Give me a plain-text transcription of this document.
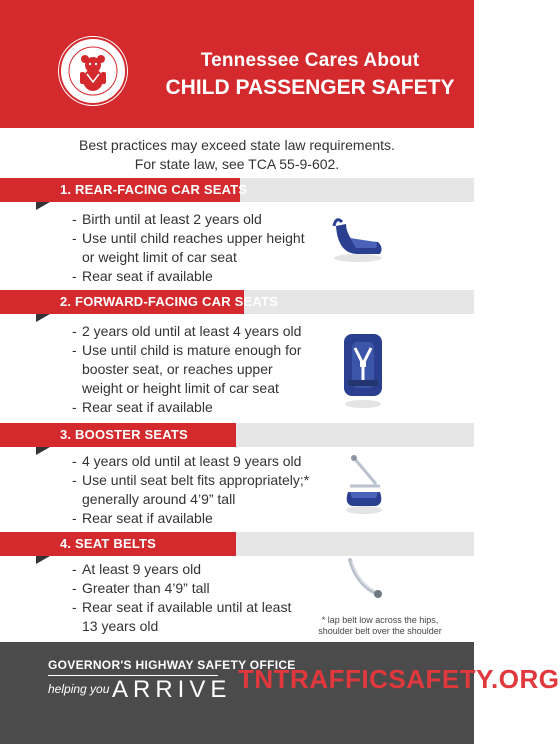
Tennessee Cares About
CHILD PASSENGER SAFETY
Best practices may exceed state law requirements.
For state law, see TCA 55-9-602.
1. REAR-FACING CAR SEATS
- Birth until at least 2 years old
- Use until child reaches upper height
or weight limit of car seat
- Rear seat if available
2. FORWARD-FACING CAR SEATS
- 2 years old until at least 4 years old
- Use until child is mature enough for
booster seat, or reaches upper
weight or height limit of car seat
- Rear seat if available
3. BOOSTER SEATS
- 4 years old until at least 9 years old
- Use until seat belt fits appropriately;*
generally around 4’9” tall
- Rear seat if available
4. SEAT BELTS
- At least 9 years old
- Greater than 4’9” tall
- Rear seat if available until at least
13 years old	* lap belt low across the hips,
shoulder belt over the shoulder
GOVERNOR'S HIGHWAY SAFETY OFFICE
helping you ARRIVE TNTRAFFICSAFETY.ORG
